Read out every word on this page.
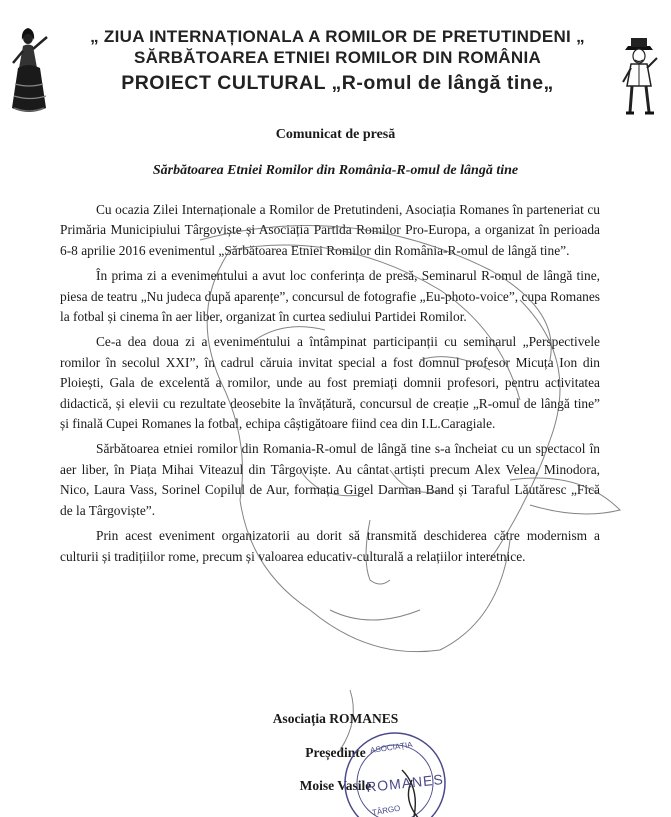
„ ZIUA INTERNAȚIONALA A ROMILOR DE PRETUTINDENI „
SĂRBĂTOAREA ETNIEI ROMILOR DIN ROMÂNIA
PROIECT CULTURAL „R-omul de lângă tine„
Comunicat de presă
Sărbătoarea Etniei Romilor din România-R-omul de lângă tine

Cu ocazia Zilei Internaționale a Romilor de Pretutindeni, Asociația Romanes în parteneriat cu Primăria Municipiului Târgoviște și Asociația Partida Romilor Pro-Europa, a organizat în perioada 6-8 aprilie 2016 evenimentul „Sărbătoarea Etniei Romilor din România-R-omul de lângă tine”.

În prima zi a evenimentului a avut loc conferința de presă, Seminarul R-omul de lângă tine, piesa de teatru „Nu judeca după aparențe”, concursul de fotografie „Eu-photo-voice”, cupa Romanes la fotbal și cinema în aer liber, organizat în curtea sediului Partidei Romilor.

Ce-a dea doua zi a evenimentului a întâmpinat participanții cu seminarul „Perspectivele romilor în secolul XXI”, în cadrul căruia invitat special a fost domnul profesor Micuța Ion din Ploiești, Gala de excelentă a romilor, unde au fost premiați domnii profesori, pentru activitatea didactică, și elevii cu rezultate deosebite la învățătură, concursul de creație „R-omul de lângă tine” și finală Cupei Romanes la fotbal, echipa câștigătoare fiind cea din I.L.Caragiale.

Sărbătoarea etniei romilor din Romania-R-omul de lângă tine s-a încheiat cu un spectacol în aer liber, în Piața Mihai Viteazul din Târgoviște. Au cântat artiști precum Alex Velea, Minodora, Nico, Laura Vass, Sorinel Copilul de Aur, formația Gigel Darman Band și Taraful Lăutăresc „Fică de la Târgoviște”.

Prin acest eveniment organizatorii au dorit să transmită deschiderea către modernism a culturii și tradițiilor rome, precum și valoarea educativ-culturală a relațiilor interetnice.

Asociația ROMANES
Președinte
Moise Vasile
ASOCIAȚIA
ROMANES
TÂRGO
